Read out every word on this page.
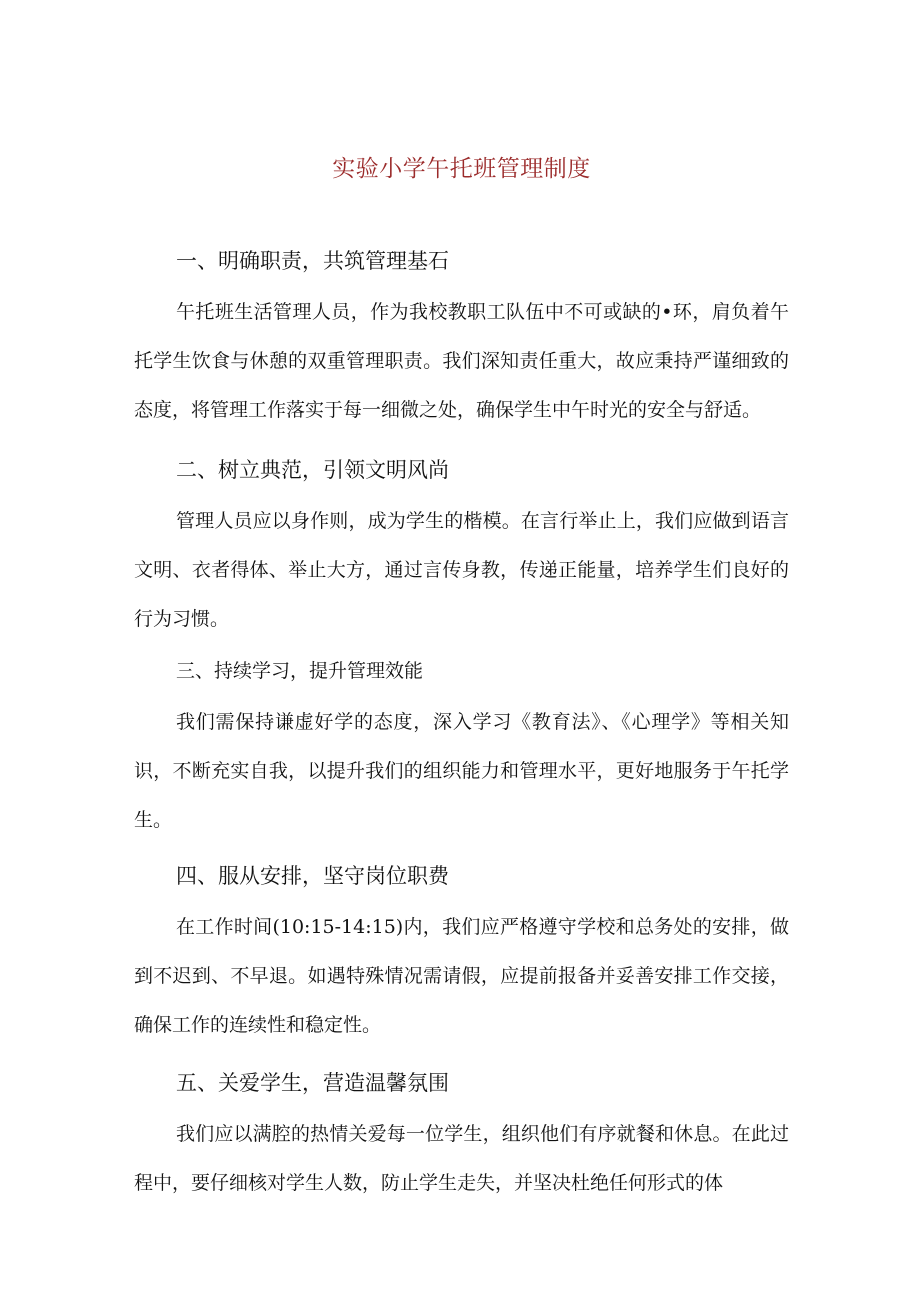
实验小学午托班管理制度
一、明确职责，共筑管理基石

午托班生活管理人员，作为我校教职工队伍中不可或缺的•环，肩负着午托学生饮食与休憩的双重管理职责。我们深知责任重大，故应秉持严谨细致的态度，将管理工作落实于每一细微之处，确保学生中午时光的安全与舒适。

二、树立典范，引领文明风尚

管理人员应以身作则，成为学生的楷模。在言行举止上，我们应做到语言文明、衣者得体、举止大方，通过言传身教，传递正能量，培养学生们良好的行为习惯。

三、持续学习，提升管理效能

我们需保持谦虚好学的态度，深入学习《教育法》、《心理学》等相关知识，不断充实自我，以提升我们的组织能力和管理水平，更好地服务于午托学生。

四、服从安排，坚守岗位职费

在工作时间(10:15-14:15)内，我们应严格遵守学校和总务处的安排，做到不迟到、不早退。如遇特殊情况需请假，应提前报备并妥善安排工作交接，确保工作的连续性和稳定性。

五、关爱学生，营造温馨氛围

我们应以满腔的热情关爱每一位学生，组织他们有序就餐和休息。在此过程中，要仔细核对学生人数，防止学生走失，并坚决杜绝任何形式的体
